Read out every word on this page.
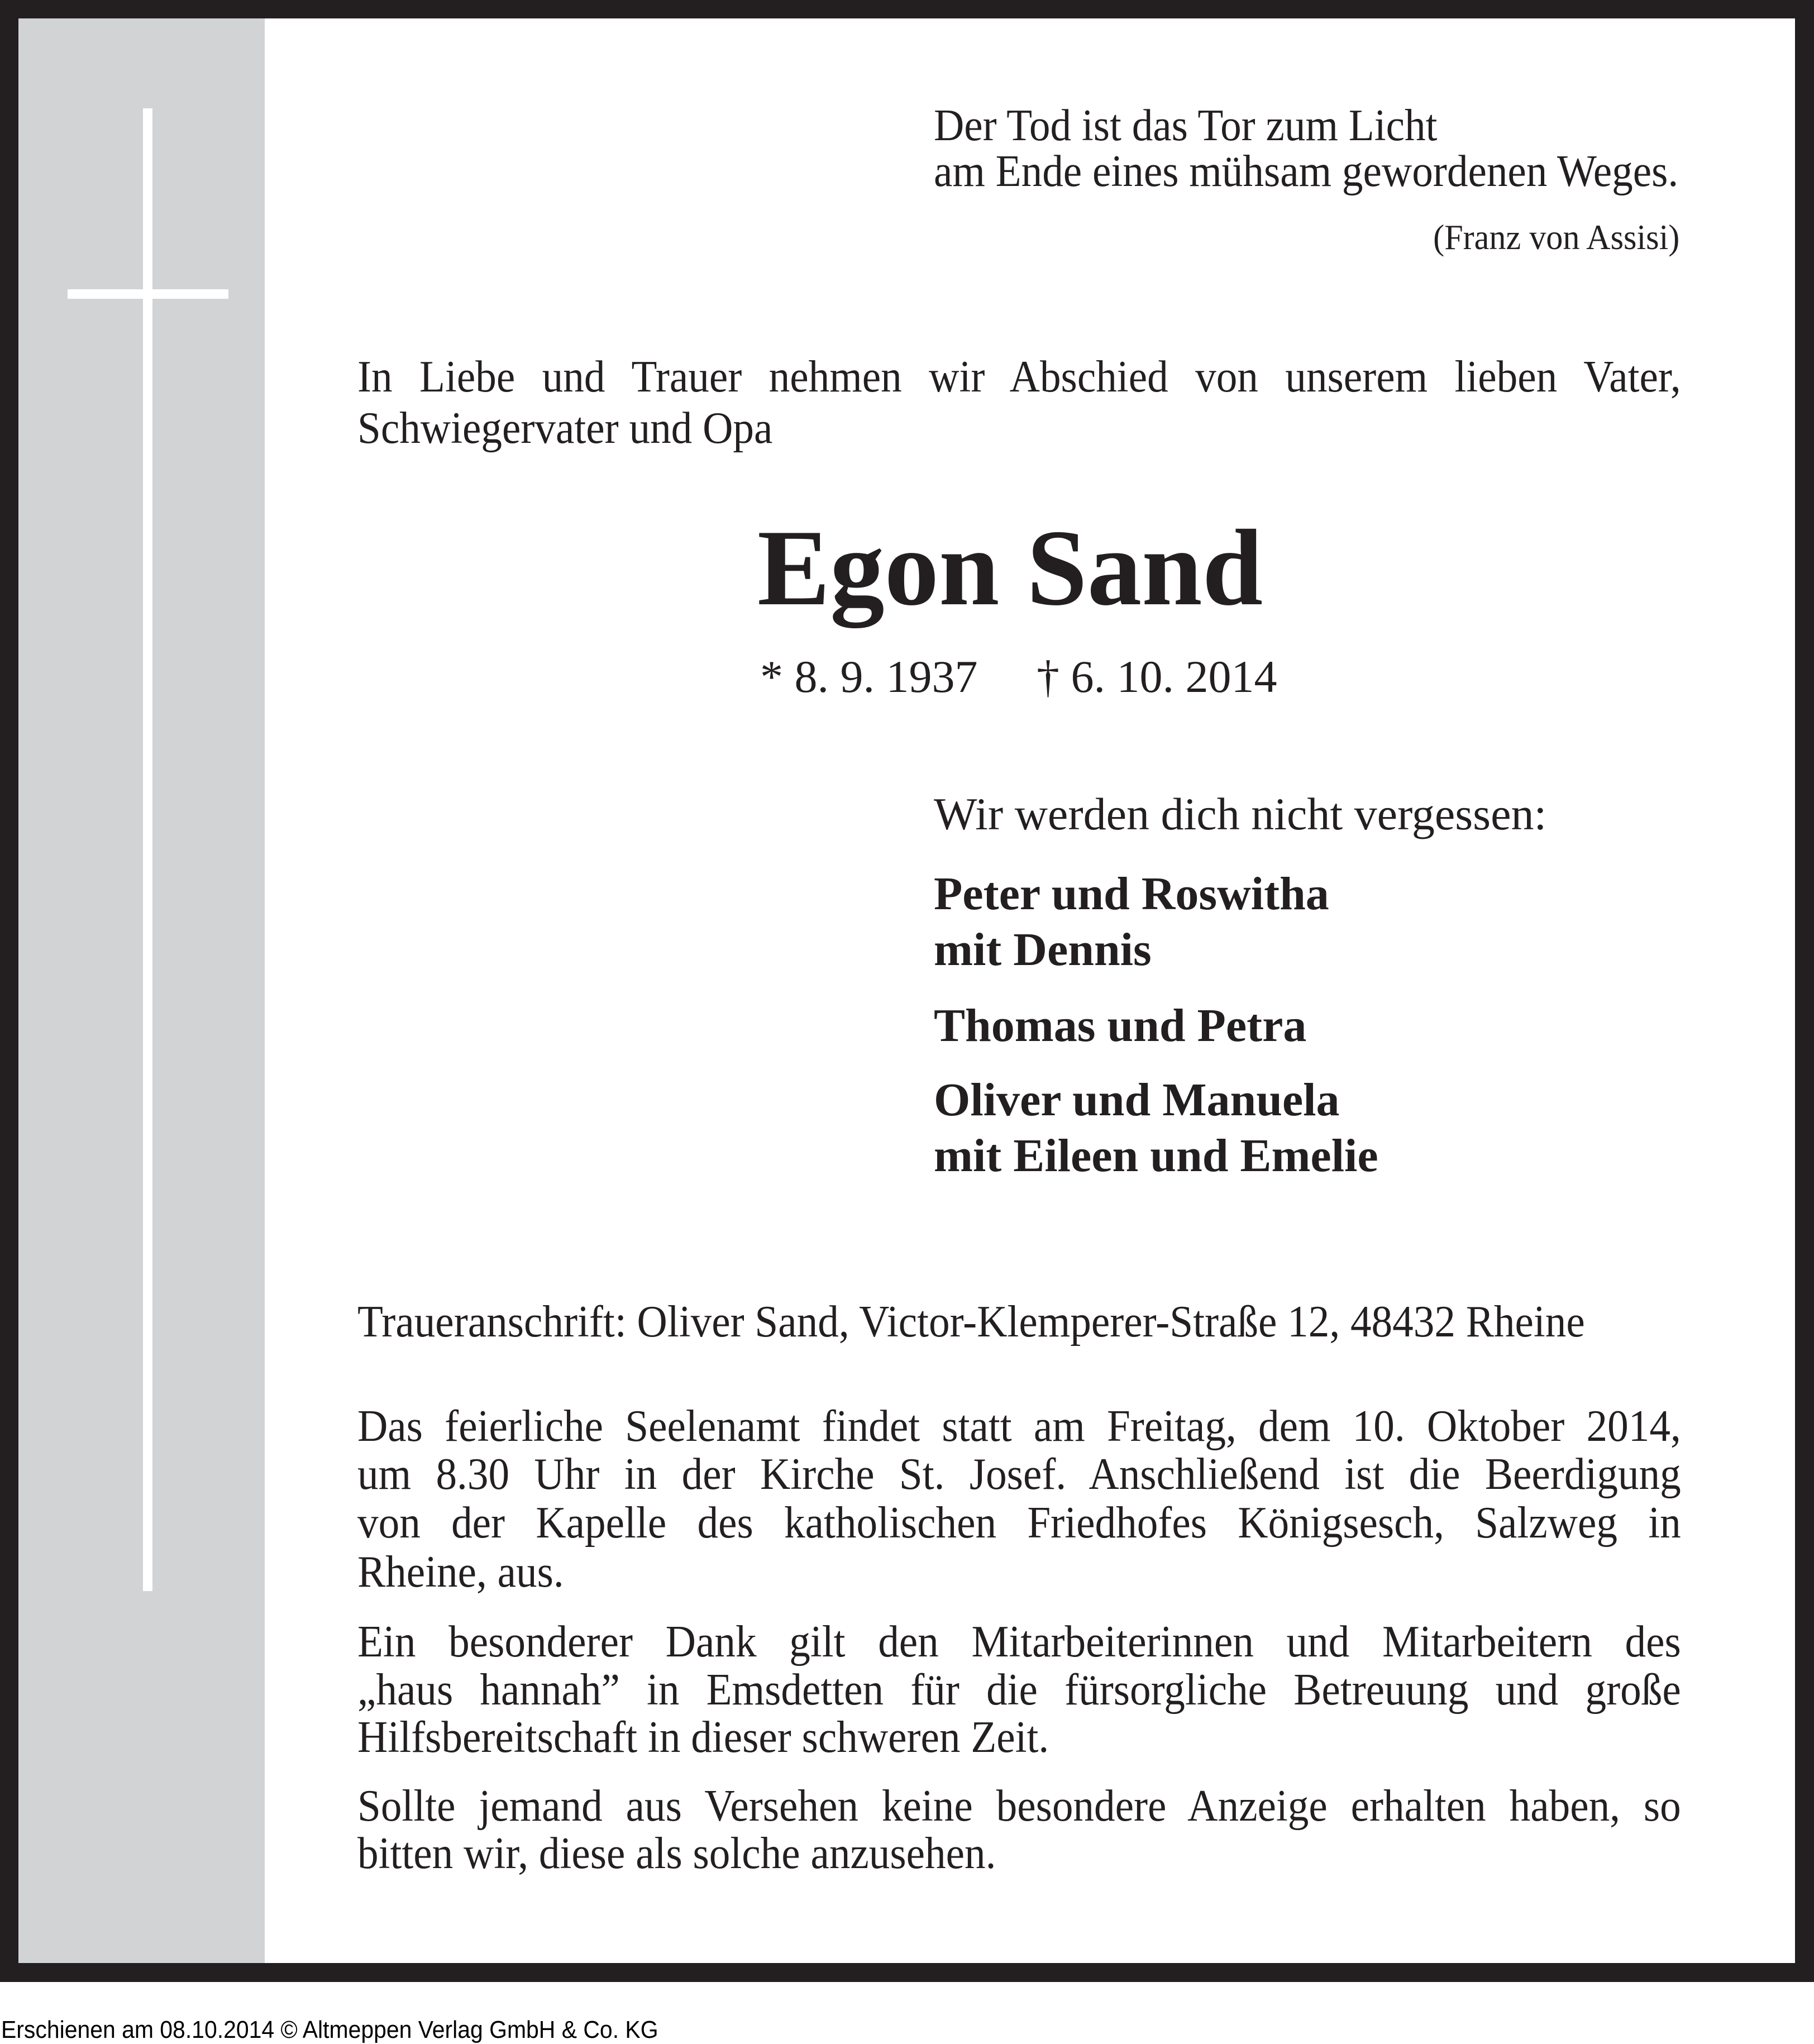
Der Tod ist das Tor zum Licht
am Ende eines mühsam gewordenen Weges.
(Franz von Assisi)
In Liebe und Trauer nehmen wir Abschied von unserem lieben Vater,
Schwiegervater und Opa
Egon Sand
* 8. 9. 1937 † 6. 10. 2014
Wir werden dich nicht vergessen:
Peter und Roswitha
mit Dennis
Thomas und Petra
Oliver und Manuela
mit Eileen und Emelie
Traueranschrift: Oliver Sand, Victor-Klemperer-Straße 12, 48432 Rheine
Das feierliche Seelenamt findet statt am Freitag, dem 10. Oktober 2014,
um 8.30 Uhr in der Kirche St. Josef. Anschließend ist die Beerdigung
von der Kapelle des katholischen Friedhofes Königsesch, Salzweg in
Rheine, aus.
Ein besonderer Dank gilt den Mitarbeiterinnen und Mitarbeitern des
„haus hannah” in Emsdetten für die fürsorgliche Betreuung und große
Hilfsbereitschaft in dieser schweren Zeit.
Sollte jemand aus Versehen keine besondere Anzeige erhalten haben, so
bitten wir, diese als solche anzusehen.
Erschienen am 08.10.2014 © Altmeppen Verlag GmbH & Co. KG
